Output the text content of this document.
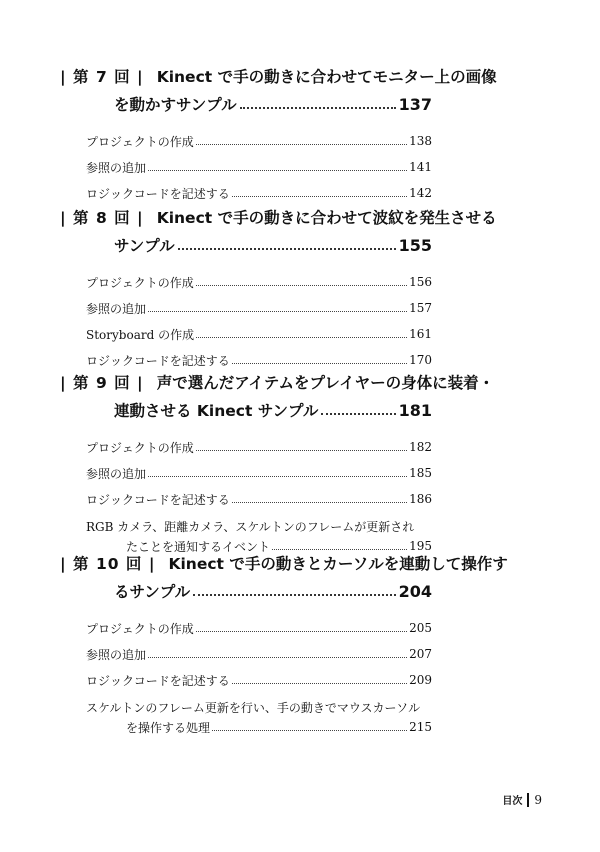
| 第 7 回 | Kinect で手の動きに合わせてモニター上の画像
を動かすサンプル	137
プロジェクトの作成	138
参照の追加	141
ロジックコードを記述する	142
| 第 8 回 | Kinect で手の動きに合わせて波紋を発生させる
サンプル	155
プロジェクトの作成	156
参照の追加	157
Storyboard の作成	161
ロジックコードを記述する	170
| 第 9 回 | 声で選んだアイテムをプレイヤーの身体に装着・
連動させる Kinect サンプル	181
プロジェクトの作成	182
参照の追加	185
ロジックコードを記述する	186
RGB カメラ、距離カメラ、スケルトンのフレームが更新され
たことを通知するイベント	195
| 第 10 回 | Kinect で手の動きとカーソルを連動して操作す
るサンプル	204
プロジェクトの作成	205
参照の追加	207
ロジックコードを記述する	209
スケルトンのフレーム更新を行い、手の動きでマウスカーソル
を操作する処理	215
目次 9
